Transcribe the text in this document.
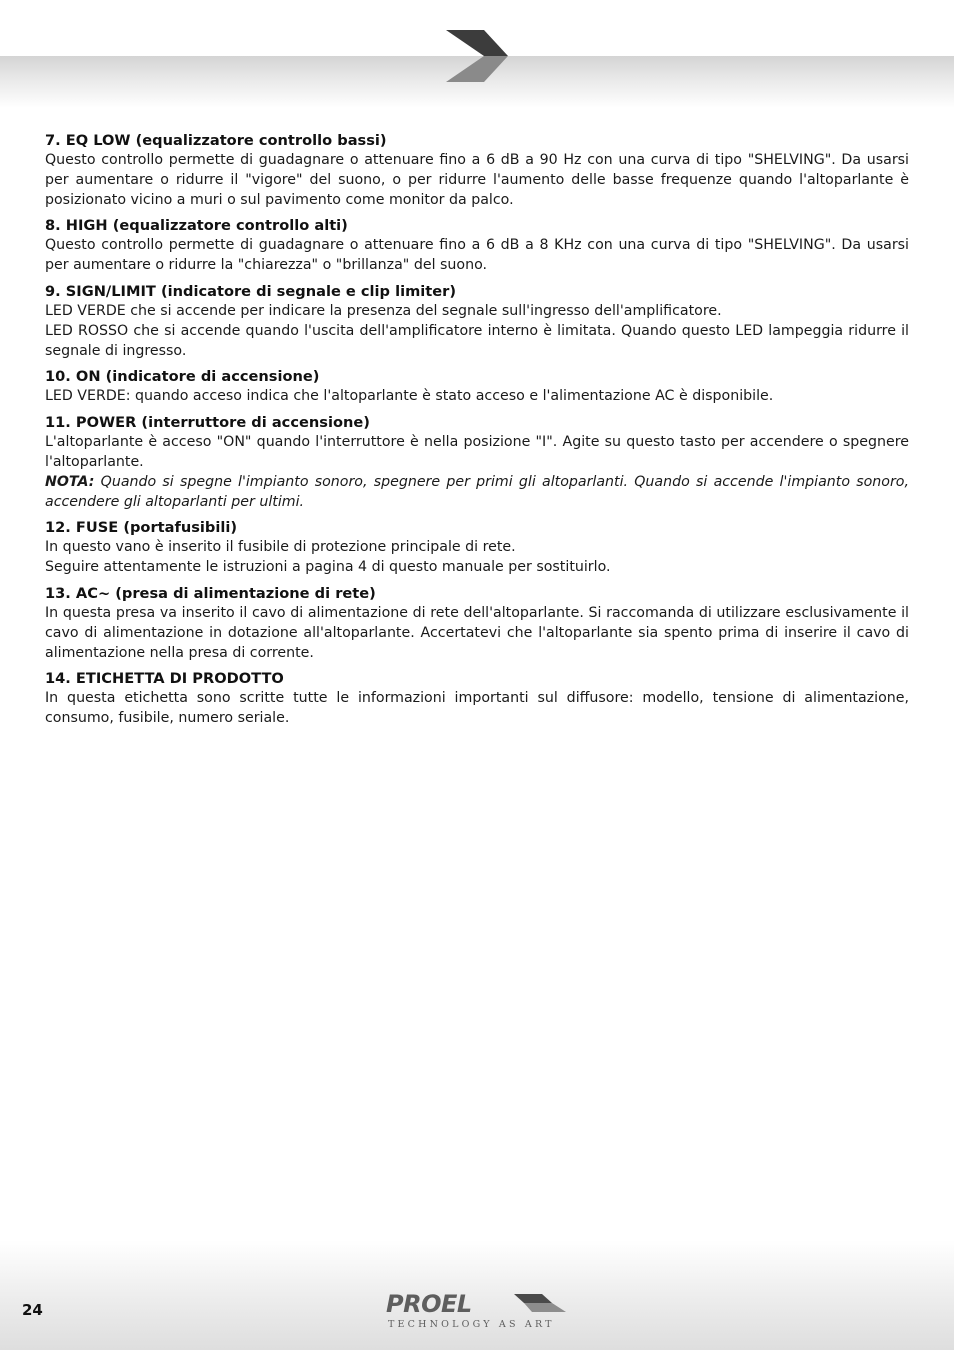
7. EQ LOW (equalizzatore controllo bassi)

Questo controllo permette di guadagnare o attenuare fino a 6 dB a 90 Hz con una curva di tipo "SHELVING". Da usarsi per aumentare o ridurre il "vigore" del suono, o per ridurre l'aumento delle basse frequenze quando l'altoparlante è posizionato vicino a muri o sul pavimento come monitor da palco.

8. HIGH (equalizzatore controllo alti)

Questo controllo permette di guadagnare o attenuare fino a 6 dB a 8 KHz con una curva di tipo "SHELVING". Da usarsi per aumentare o ridurre la "chiarezza" o "brillanza" del suono.

9. SIGN/LIMIT (indicatore di segnale e clip limiter)

LED VERDE che si accende per indicare la presenza del segnale sull'ingresso dell'amplificatore.

LED ROSSO che si accende quando l'uscita dell'amplificatore interno è limitata. Quando questo LED lampeggia ridurre il segnale di ingresso.

10. ON (indicatore di accensione)

LED VERDE: quando acceso indica che l'altoparlante è stato acceso e l'alimentazione AC è disponibile.

11. POWER (interruttore di accensione)

L'altoparlante è acceso "ON" quando l'interruttore è nella posizione "I". Agite su questo tasto per accendere o spegnere l'altoparlante.

NOTA: Quando si spegne l'impianto sonoro, spegnere per primi gli altoparlanti. Quando si accende l'impianto sonoro, accendere gli altoparlanti per ultimi.

12. FUSE (portafusibili)

In questo vano è inserito il fusibile di protezione principale di rete.

Seguire attentamente le istruzioni a pagina 4 di questo manuale per sostituirlo.

13. AC~ (presa di alimentazione di rete)

In questa presa va inserito il cavo di alimentazione di rete dell'altoparlante. Si raccomanda di utilizzare esclusivamente il cavo di alimentazione in dotazione all'altoparlante. Accertatevi che l'altoparlante sia spento prima di inserire il cavo di alimentazione nella presa di corrente.

14. ETICHETTA DI PRODOTTO

In questa etichetta sono scritte tutte le informazioni importanti sul diffusore: modello, tensione di alimentazione, consumo, fusibile, numero seriale.

24	PROEL
TECHNOLOGY AS ART
